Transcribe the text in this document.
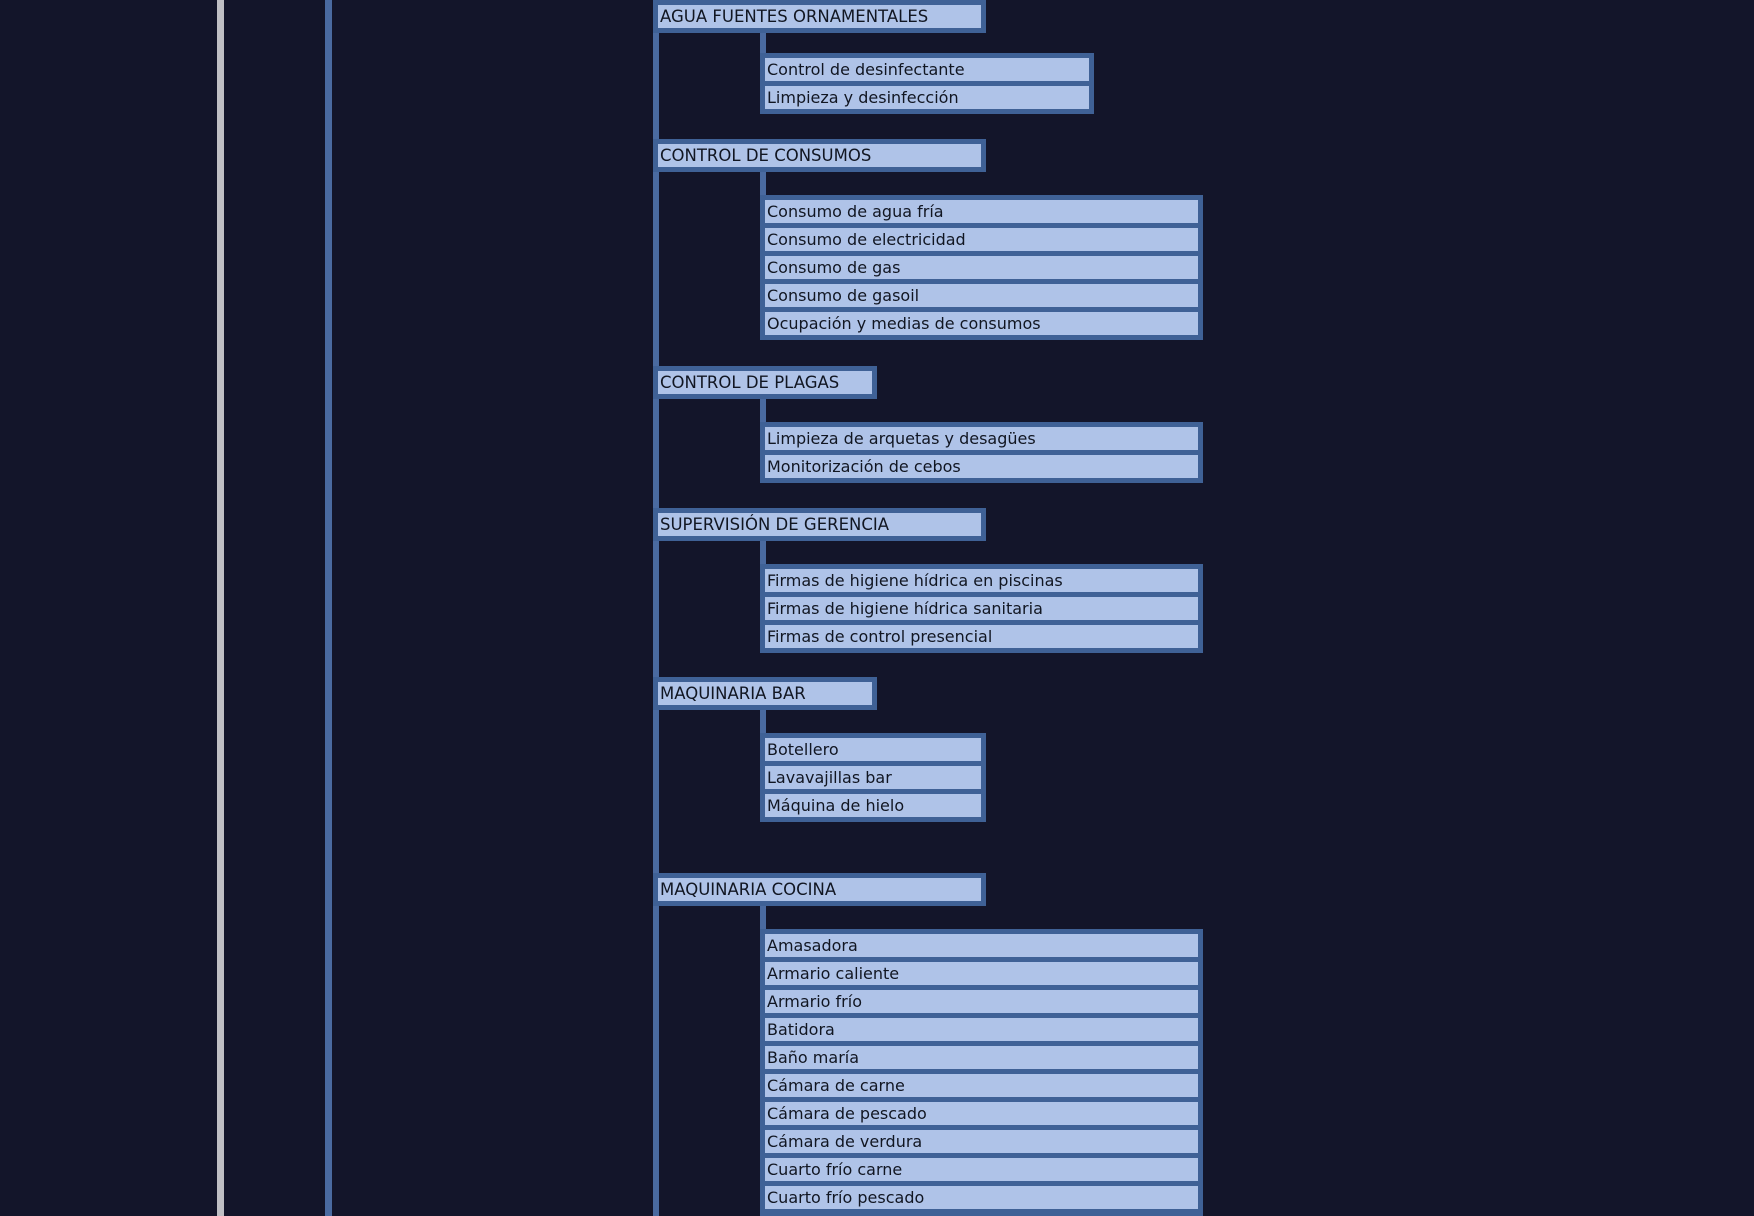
AGUA FUENTES ORNAMENTALES
Control de desinfectante
Limpieza y desinfección
CONTROL DE CONSUMOS
Consumo de agua fría
Consumo de electricidad
Consumo de gas
Consumo de gasoil
Ocupación y medias de consumos
CONTROL DE PLAGAS
Limpieza de arquetas y desagües
Monitorización de cebos
SUPERVISIÓN DE GERENCIA
Firmas de higiene hídrica en piscinas
Firmas de higiene hídrica sanitaria
Firmas de control presencial
MAQUINARIA BAR
Botellero
Lavavajillas bar
Máquina de hielo
MAQUINARIA COCINA
Amasadora
Armario caliente
Armario frío
Batidora
Baño maría
Cámara de carne
Cámara de pescado
Cámara de verdura
Cuarto frío carne
Cuarto frío pescado
